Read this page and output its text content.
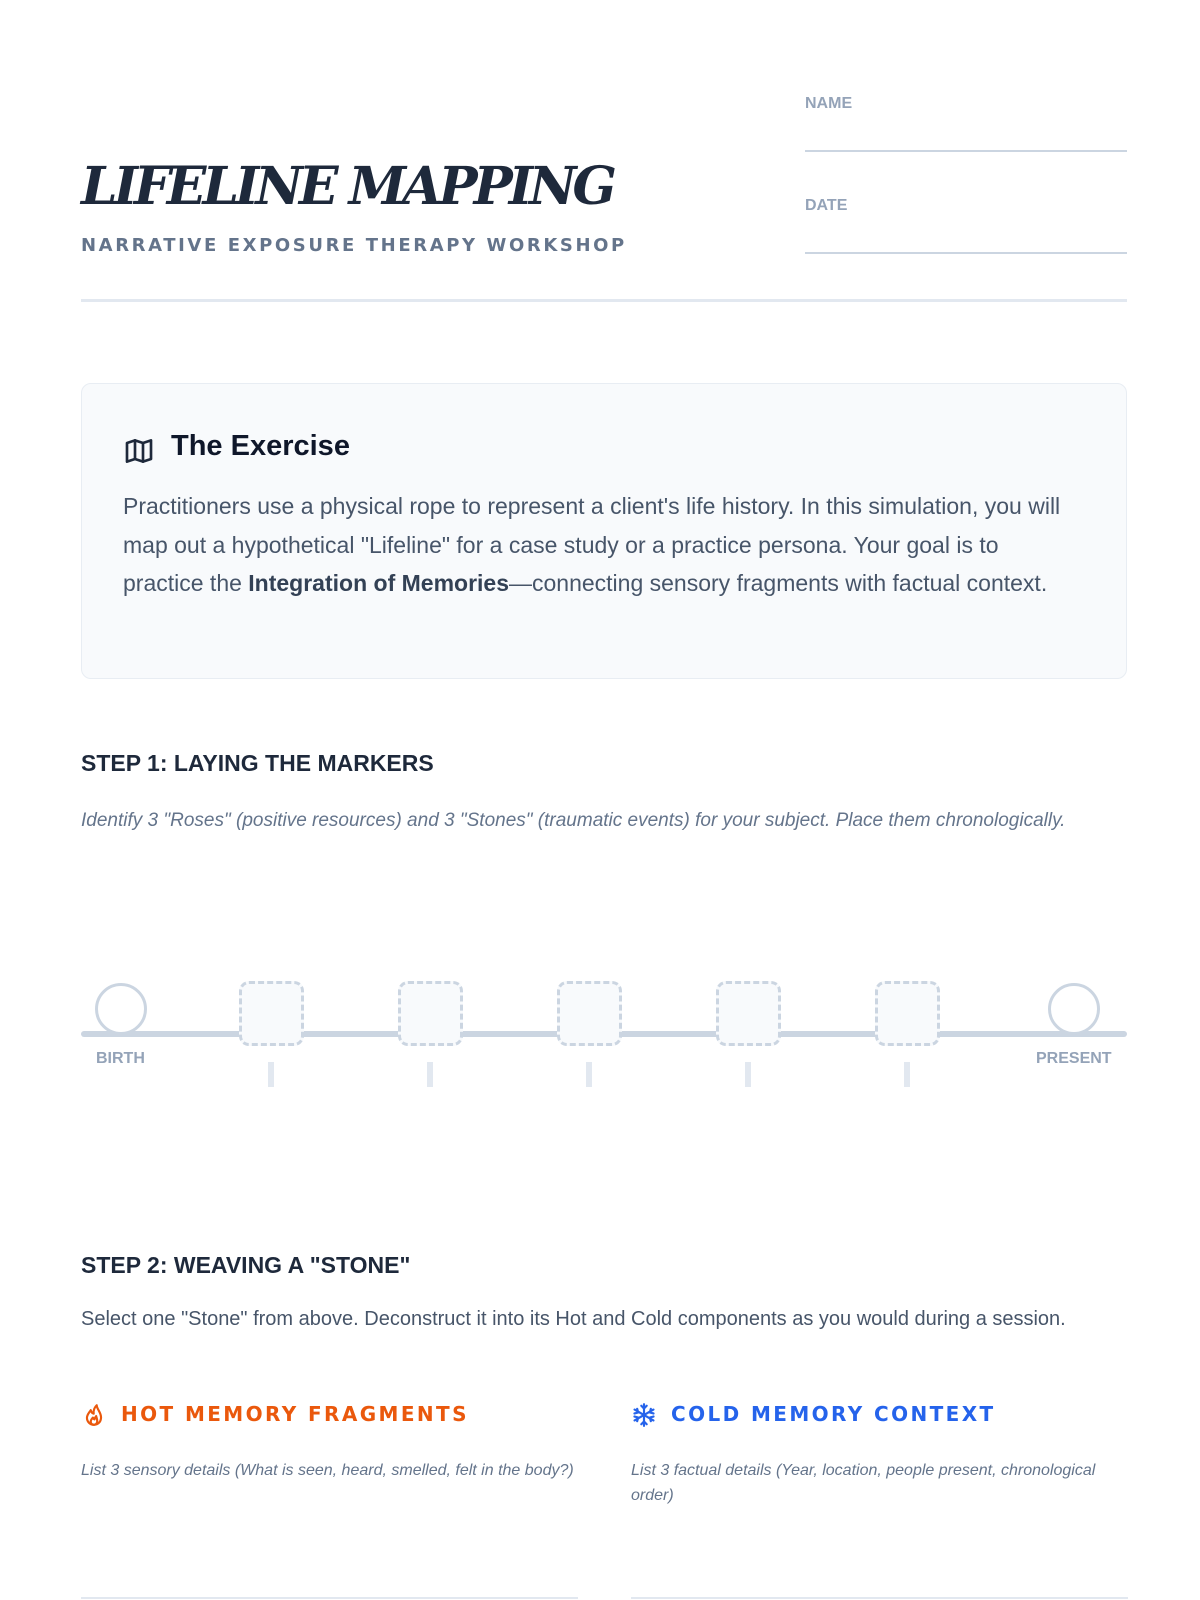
LIFELINE MAPPING
NARRATIVE EXPOSURE THERAPY WORKSHOP
NAME
DATE
The Exercise

Practitioners use a physical rope to represent a client's life history. In this simulation, you will map out a hypothetical "Lifeline" for a case study or a practice persona. Your goal is to practice the Integration of Memories—connecting sensory fragments with factual context.

STEP 1: LAYING THE MARKERS

Identify 3 "Roses" (positive resources) and 3 "Stones" (traumatic events) for your subject. Place them chronologically.

BIRTH	PRESENT
STEP 2: WEAVING A "STONE"

Select one "Stone" from above. Deconstruct it into its Hot and Cold components as you would during a session.

HOT MEMORY FRAGMENTS

List 3 sensory details (What is seen, heard, smelled, felt in the body?)

COLD MEMORY CONTEXT

List 3 factual details (Year, location, people present, chronological order)
